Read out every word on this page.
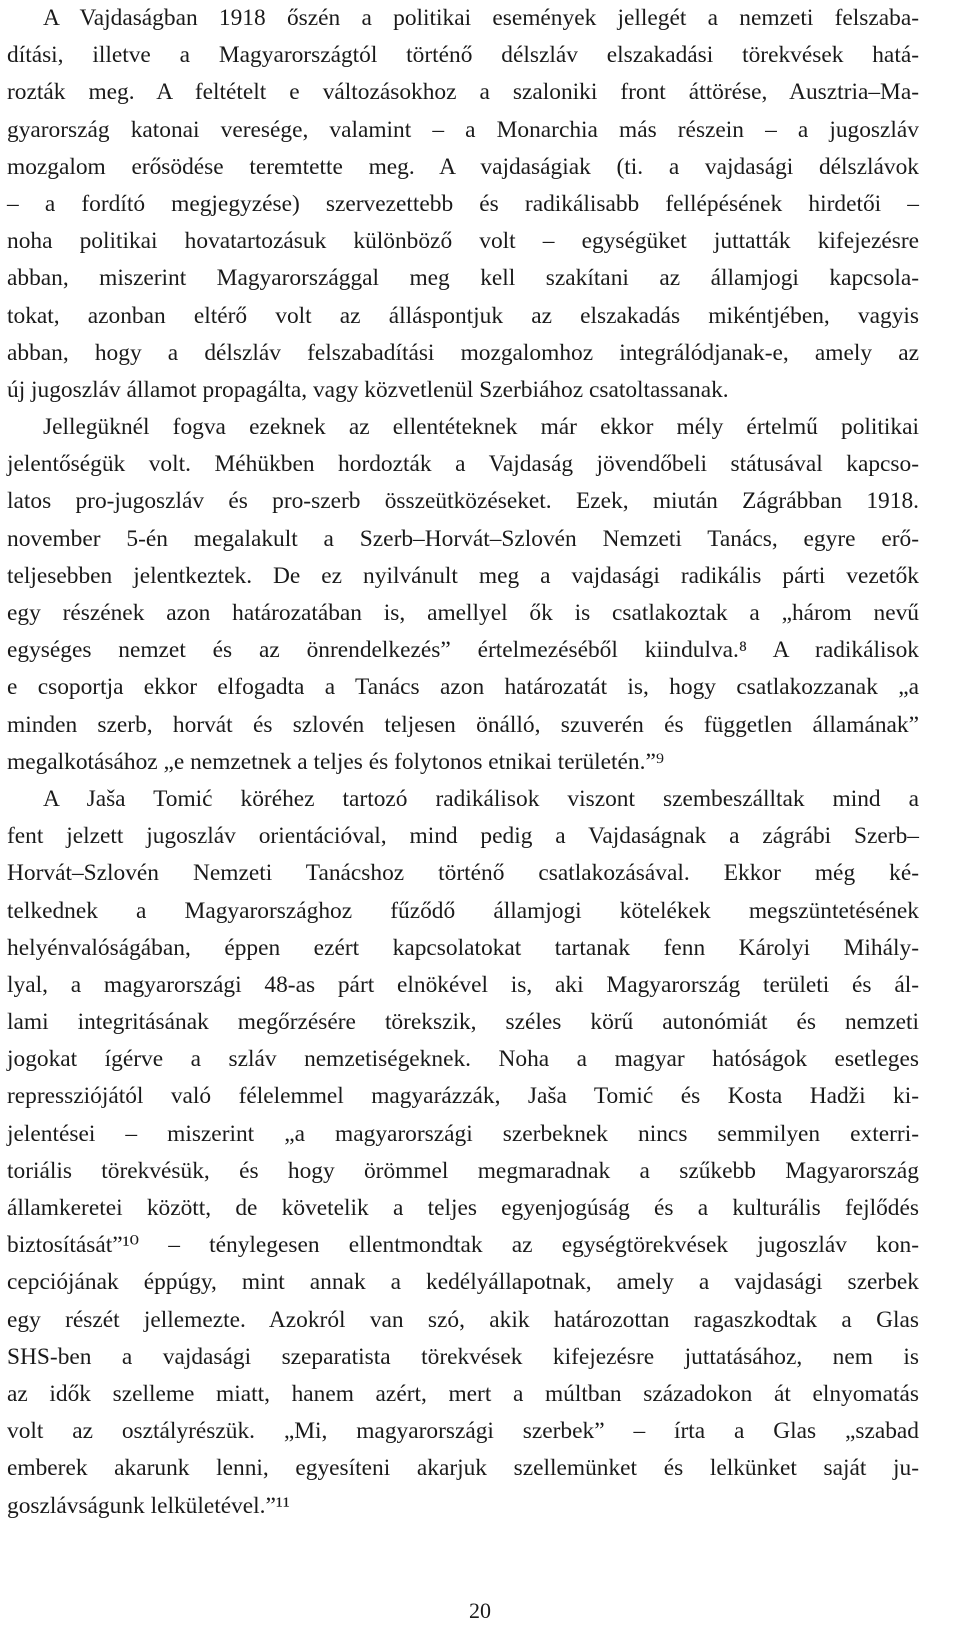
A Vajdaságban 1918 őszén a politikai események jellegét a nemzeti felszaba-
dítási, illetve a Magyarországtól történő délszláv elszakadási törekvések hatá-
rozták meg. A feltételt e változásokhoz a szaloniki front áttörése, Ausztria–Ma-
gyarország katonai veresége, valamint – a Monarchia más részein – a jugoszláv
mozgalom erősödése teremtette meg. A vajdaságiak (ti. a vajdasági délszlávok
– a fordító megjegyzése) szervezettebb és radikálisabb fellépésének hirdetői –
noha politikai hovatartozásuk különböző volt – egységüket juttatták kifejezésre
abban, miszerint Magyarországgal meg kell szakítani az államjogi kapcsola-
tokat, azonban eltérő volt az álláspontjuk az elszakadás mikéntjében, vagyis
abban, hogy a délszláv felszabadítási mozgalomhoz integrálódjanak-e, amely az
új jugoszláv államot propagálta, vagy közvetlenül Szerbiához csatoltassanak.
Jellegüknél fogva ezeknek az ellentéteknek már ekkor mély értelmű politikai
jelentőségük volt. Méhükben hordozták a Vajdaság jövendőbeli státusával kapcso-
latos pro-jugoszláv és pro-szerb összeütközéseket. Ezek, miután Zágrábban 1918.
november 5-én megalakult a Szerb–Horvát–Szlovén Nemzeti Tanács, egyre erő-
teljesebben jelentkeztek. De ez nyilvánult meg a vajdasági radikális párti vezetők
egy részének azon határozatában is, amellyel ők is csatlakoztak a „három nevű
egységes nemzet és az önrendelkezés” értelmezéséből kiindulva.⁸ A radikálisok
e csoportja ekkor elfogadta a Tanács azon határozatát is, hogy csatlakozzanak „a
minden szerb, horvát és szlovén teljesen önálló, szuverén és független államának”
megalkotásához „e nemzetnek a teljes és folytonos etnikai területén.”⁹
A Jaša Tomić köréhez tartozó radikálisok viszont szembeszálltak mind a
fent jelzett jugoszláv orientációval, mind pedig a Vajdaságnak a zágrábi Szerb–
Horvát–Szlovén Nemzeti Tanácshoz történő csatlakozásával. Ekkor még ké-
telkednek a Magyarországhoz fűződő államjogi kötelékek megszüntetésének
helyénvalóságában, éppen ezért kapcsolatokat tartanak fenn Károlyi Mihály-
lyal, a magyarországi 48-as párt elnökével is, aki Magyarország területi és ál-
lami integritásának megőrzésére törekszik, széles körű autonómiát és nemzeti
jogokat ígérve a szláv nemzetiségeknek. Noha a magyar hatóságok esetleges
repressziójától való félelemmel magyarázzák, Jaša Tomić és Kosta Hadži ki-
jelentései – miszerint „a magyarországi szerbeknek nincs semmilyen exterri-
toriális törekvésük, és hogy örömmel megmaradnak a szűkebb Magyarország
államkeretei között, de követelik a teljes egyenjogúság és a kulturális fejlődés
biztosítását”¹⁰ – ténylegesen ellentmondtak az egységtörekvések jugoszláv kon-
cepciójának éppúgy, mint annak a kedélyállapotnak, amely a vajdasági szerbek
egy részét jellemezte. Azokról van szó, akik határozottan ragaszkodtak a Glas
SHS-ben a vajdasági szeparatista törekvések kifejezésre juttatásához, nem is
az idők szelleme miatt, hanem azért, mert a múltban századokon át elnyomatás
volt az osztályrészük. „Mi, magyarországi szerbek” – írta a Glas „szabad
emberek akarunk lenni, egyesíteni akarjuk szellemünket és lelkünket saját ju-
goszlávságunk lelkületével.”¹¹
20
